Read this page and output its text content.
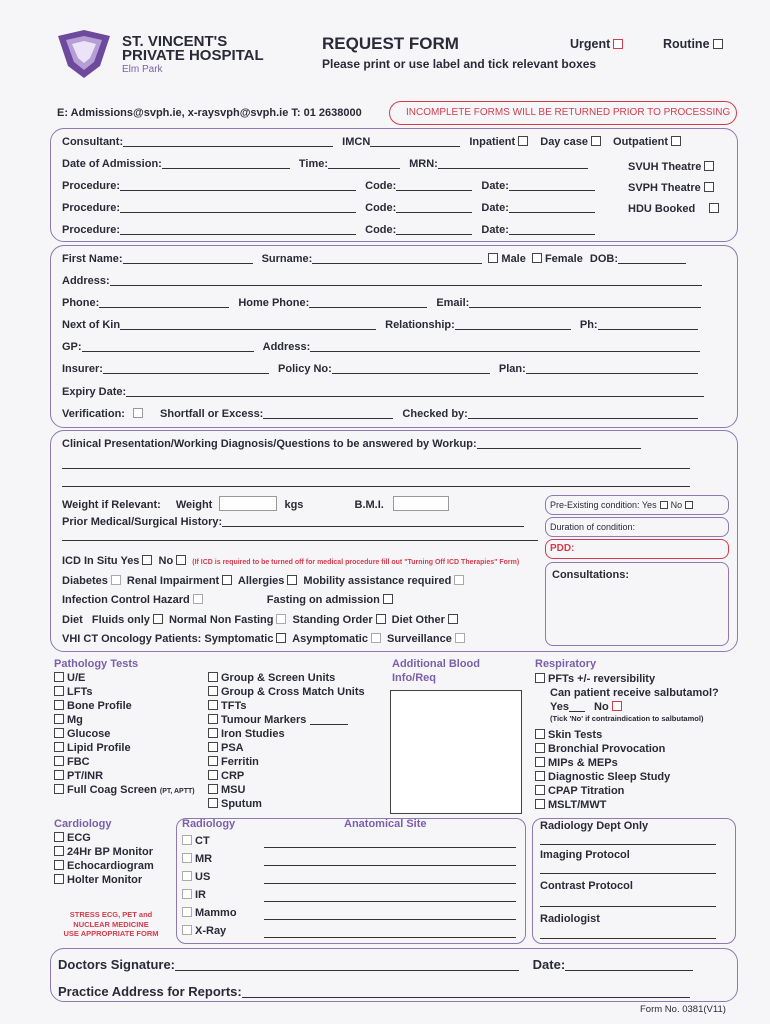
ST. VINCENT'S
PRIVATE HOSPITAL
Elm Park
REQUEST FORM
Please print or use label and tick relevant boxes
Urgent	Routine
E: Admissions@svph.ie, x-raysvph@svph.ie T: 01 2638000	INCOMPLETE FORMS WILL BE RETURNED PRIOR TO PROCESSING
Consultant:	IMCN	Inpatient Day case Outpatient
Date of Admission:	Time:	MRN:
Procedure:	Code:	Date:
Procedure:	Code:	Date:
Procedure:	Code:	Date:
SVUH Theatre
SVPH Theatre
HDU Booked
First Name:	Surname:	Male Female DOB:
Address:
Phone:	Home Phone:	Email:
Next of Kin	Relationship:	Ph:
GP:	Address:
Insurer:	Policy No:	Plan:
Expiry Date:
Verification:	Shortfall or Excess:	Checked by:
Clinical Presentation/Working Diagnosis/Questions to be answered by Workup:
Weight if Relevant: Weight	kgs	B.M.I.
Prior Medical/Surgical History:
Pre-Existing condition: Yes No
Duration of condition:
PDD:
Consultations:
ICD In Situ Yes No	(If ICD is required to be turned off for medical procedure fill out "Turning Off ICD Therapies" Form)
Diabetes Renal Impairment Allergies Mobility assistance required
Infection Control Hazard	Fasting on admission
Diet Fluids only Normal Non Fasting Standing Order Diet Other
VHI CT Oncology Patients: Symptomatic Asymptomatic Surveillance
Pathology Tests
U/E
LFTs
Bone Profile
Mg
Glucose
Lipid Profile
FBC
PT/INR
Full Coag Screen (PT, APTT)
Group & Screen Units
Group & Cross Match Units
TFTs
Tumour Markers
Iron Studies
PSA
Ferritin
CRP
MSU
Sputum
Additional Blood
Info/Req
Respiratory
PFTs +/- reversibility
Can patient receive salbutamol?
Yes No
(Tick 'No' if contraindication to salbutamol)
Skin Tests
Bronchial Provocation
MIPs & MEPs
Diagnostic Sleep Study
CPAP Titration
MSLT/MWT
Cardiology
ECG
24Hr BP Monitor
Echocardiogram
Holter Monitor
STRESS ECG, PET and
NUCLEAR MEDICINE
USE APPROPRIATE FORM
Radiology	Anatomical Site
CT
MR
US
IR
Mammo
X-Ray
Radiology Dept Only
Imaging Protocol
Contrast Protocol
Radiologist
Doctors Signature:	Date:
Practice Address for Reports:
Form No. 0381(V11)
